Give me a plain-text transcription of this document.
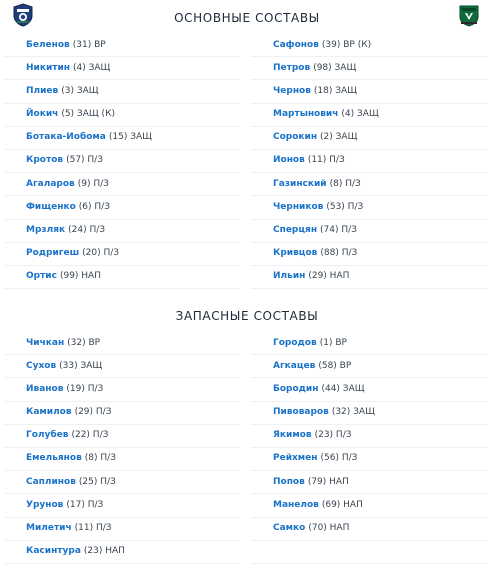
ОСНОВНЫЕ СОСТАВЫ
Беленов (31) ВР
Никитин (4) ЗАЩ
Плиев (3) ЗАЩ
Йокич (5) ЗАЩ (К)
Ботака-Иобома (15) ЗАЩ
Кротов (57) П/З
Агаларов (9) П/З
Фищенко (6) П/З
Мрзляк (24) П/З
Родригеш (20) П/З
Ортис (99) НАП
Сафонов (39) ВР (К)
Петров (98) ЗАЩ
Чернов (18) ЗАЩ
Мартынович (4) ЗАЩ
Сорокин (2) ЗАЩ
Ионов (11) П/З
Газинский (8) П/З
Черников (53) П/З
Сперцян (74) П/З
Кривцов (88) П/З
Ильин (29) НАП
ЗАПАСНЫЕ СОСТАВЫ
Чичкан (32) ВР
Сухов (33) ЗАЩ
Иванов (19) П/З
Камилов (29) П/З
Голубев (22) П/З
Емельянов (8) П/З
Саплинов (25) П/З
Урунов (17) П/З
Милетич (11) П/З
Касинтура (23) НАП
Городов (1) ВР
Агкацев (58) ВР
Бородин (44) ЗАЩ
Пивоваров (32) ЗАЩ
Якимов (23) П/З
Рейхмен (56) П/З
Попов (79) НАП
Манелов (69) НАП
Самко (70) НАП
